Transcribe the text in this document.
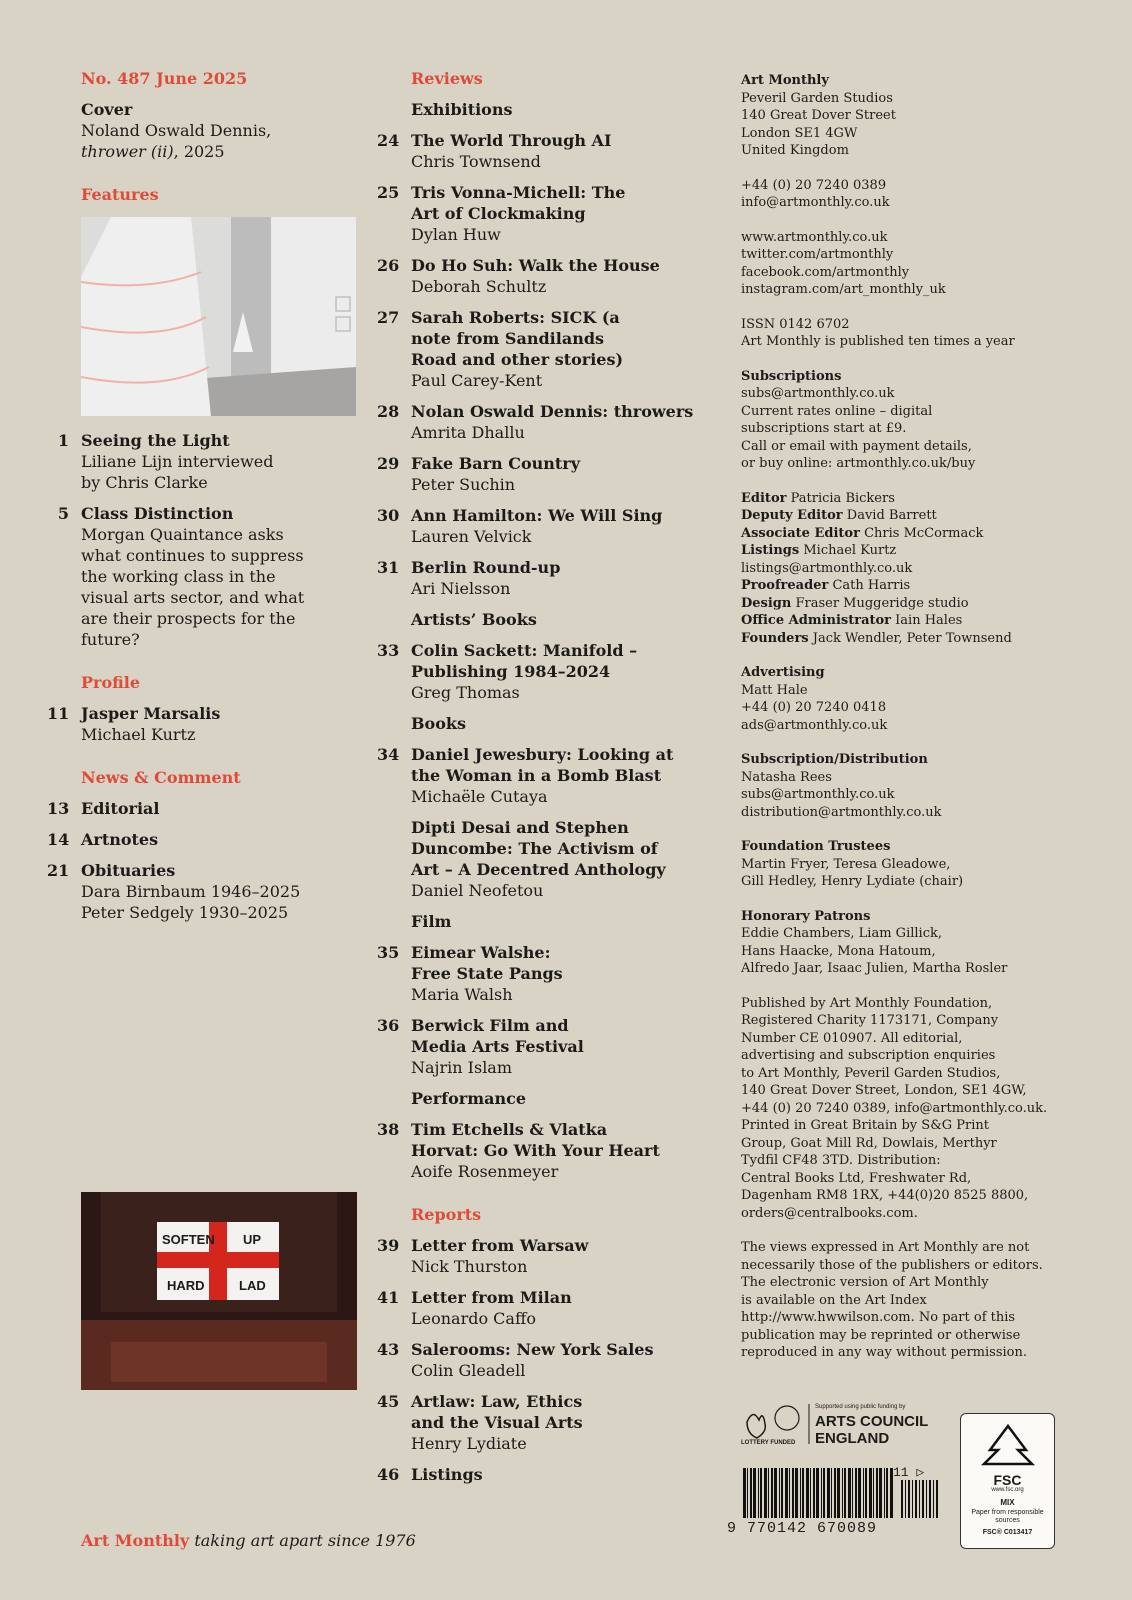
No. 487 June 2025
Cover
Noland Oswald Dennis,
thrower (ii), 2025
Features
1 Seeing the Light
Liliane Lijn interviewed by Chris Clarke
5 Class Distinction
Morgan Quaintance asks what continues to suppress the working class in the visual arts sector, and what are their prospects for the future?
Profile
11 Jasper Marsalis
Michael Kurtz
News & Comment
13 Editorial
14 Artnotes
21 Obituaries
Dara Birnbaum 1946–2025 Peter Sedgely 1930–2025
SOFTEN UP
HARD	LAD
Reviews
Exhibitions
24 The World Through AI
Chris Townsend
25 Tris Vonna-Michell: The Art of Clockmaking
Dylan Huw
26 Do Ho Suh: Walk the House
Deborah Schultz
27 Sarah Roberts: SICK (a note from Sandilands Road and other stories)
Paul Carey-Kent
28 Nolan Oswald Dennis: throwers
Amrita Dhallu
29 Fake Barn Country
Peter Suchin
30 Ann Hamilton: We Will Sing
Lauren Velvick
31 Berlin Round-up
Ari Nielsson
Artists’ Books
33 Colin Sackett: Manifold – Publishing 1984–2024
Greg Thomas
Books
34 Daniel Jewesbury: Looking at the Woman in a Bomb Blast
Michaële Cutaya
Dipti Desai and Stephen Duncombe: The Activism of Art – A Decentred Anthology
Daniel Neofetou
Film
35 Eimear Walshe: Free State Pangs
Maria Walsh
36 Berwick Film and Media Arts Festival
Najrin Islam
Performance
38 Tim Etchells & Vlatka Horvat: Go With Your Heart
Aoife Rosenmeyer
Reports
39 Letter from Warsaw
Nick Thurston
41 Letter from Milan
Leonardo Caffo
43 Salerooms: New York Sales
Colin Gleadell
45 Artlaw: Law, Ethics and the Visual Arts
Henry Lydiate
46 Listings

Art Monthly
Peveril Garden Studios
140 Great Dover Street
London SE1 4GW
United Kingdom

+44 (0) 20 7240 0389
info@artmonthly.co.uk

www.artmonthly.co.uk
twitter.com/artmonthly
facebook.com/artmonthly
instagram.com/art_monthly_uk

ISSN 0142 6702
Art Monthly is published ten times a year

Subscriptions
subs@artmonthly.co.uk
Current rates online – digital
subscriptions start at £9.
Call or email with payment details,
or buy online: artmonthly.co.uk/buy

Editor Patricia Bickers
Deputy Editor David Barrett
Associate Editor Chris McCormack
Listings Michael Kurtz
listings@artmonthly.co.uk
Proofreader Cath Harris
Design Fraser Muggeridge studio
Office Administrator Iain Hales
Founders Jack Wendler, Peter Townsend

Advertising
Matt Hale
+44 (0) 20 7240 0418
ads@artmonthly.co.uk

Subscription/Distribution
Natasha Rees
subs@artmonthly.co.uk
distribution@artmonthly.co.uk

Foundation Trustees
Martin Fryer, Teresa Gleadowe,
Gill Hedley, Henry Lydiate (chair)

Honorary Patrons
Eddie Chambers, Liam Gillick,
Hans Haacke, Mona Hatoum,
Alfredo Jaar, Isaac Julien, Martha Rosler

Published by Art Monthly Foundation,
Registered Charity 1173171, Company
Number CE 010907. All editorial,
advertising and subscription enquiries
to Art Monthly, Peveril Garden Studios,
140 Great Dover Street, London, SE1 4GW,
+44 (0) 20 7240 0389, info@artmonthly.co.uk.
Printed in Great Britain by S&G Print
Group, Goat Mill Rd, Dowlais, Merthyr
Tydfil CF48 3TD. Distribution:
Central Books Ltd, Freshwater Rd,
Dagenham RM8 1RX, +44(0)20 8525 8800,
orders@centralbooks.com.

The views expressed in Art Monthly are not
necessarily those of the publishers or editors.
The electronic version of Art Monthly
is available on the Art Index
http://www.hwwilson.com. No part of this
publication may be reprinted or otherwise
reproduced in any way without permission.

LOTTERY FUNDED
Supported using public funding by
ARTS COUNCIL
ENGLAND
9 770142 670089
11 ▷	FSC
www.fsc.org
MIX
Paper from responsible sources
FSC® C013417
Art Monthly taking art apart since 1976
